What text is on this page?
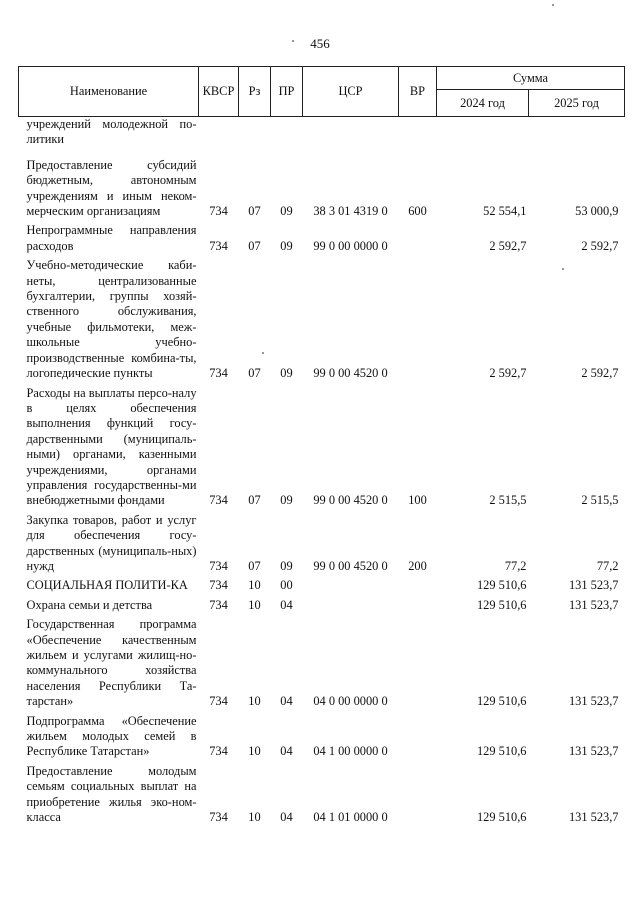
456
Наименование	КВСР	Рз	ПР	ЦСР	ВР	Сумма	
						2024 год	2025 год
учреждений молодежной по-литики							
Предоставление субсидий бюджетным, автономным учреждениям и иным неком-мерческим организациям	734	07	09	38 3 01 4319 0	600	52 554,1	53 000,9
Непрограммные направления расходов	734	07	09	99 0 00 0000 0		2 592,7	2 592,7
Учебно-методические каби-неты, централизованные бухгалтерии, группы хозяй-ственного обслуживания, учебные фильмотеки, меж-школьные учебно-производственные комбина-ты, логопедические пункты	734	07	09	99 0 00 4520 0		2 592,7	2 592,7
Расходы на выплаты персо-налу в целях обеспечения выполнения функций госу-дарственными (муниципаль-ными) органами, казенными учреждениями, органами управления государственны-ми внебюджетными фондами	734	07	09	99 0 00 4520 0	100	2 515,5	2 515,5
Закупка товаров, работ и услуг для обеспечения госу-дарственных (муниципаль-ных) нужд	734	07	09	99 0 00 4520 0	200	77,2	77,2
СОЦИАЛЬНАЯ ПОЛИТИ-КА	734	10	00			129 510,6	131 523,7
Охрана семьи и детства	734	10	04			129 510,6	131 523,7
Государственная программа «Обеспечение качественным жильем и услугами жилищ-но-коммунального хозяйства населения Республики Та-тарстан»	734	10	04	04 0 00 0000 0		129 510,6	131 523,7
Подпрограмма «Обеспечение жильем молодых семей в Республике Татарстан»	734	10	04	04 1 00 0000 0		129 510,6	131 523,7
Предоставление молодым семьям социальных выплат на приобретение жилья эко-ном-класса	734	10	04	04 1 01 0000 0		129 510,6	131 523,7
